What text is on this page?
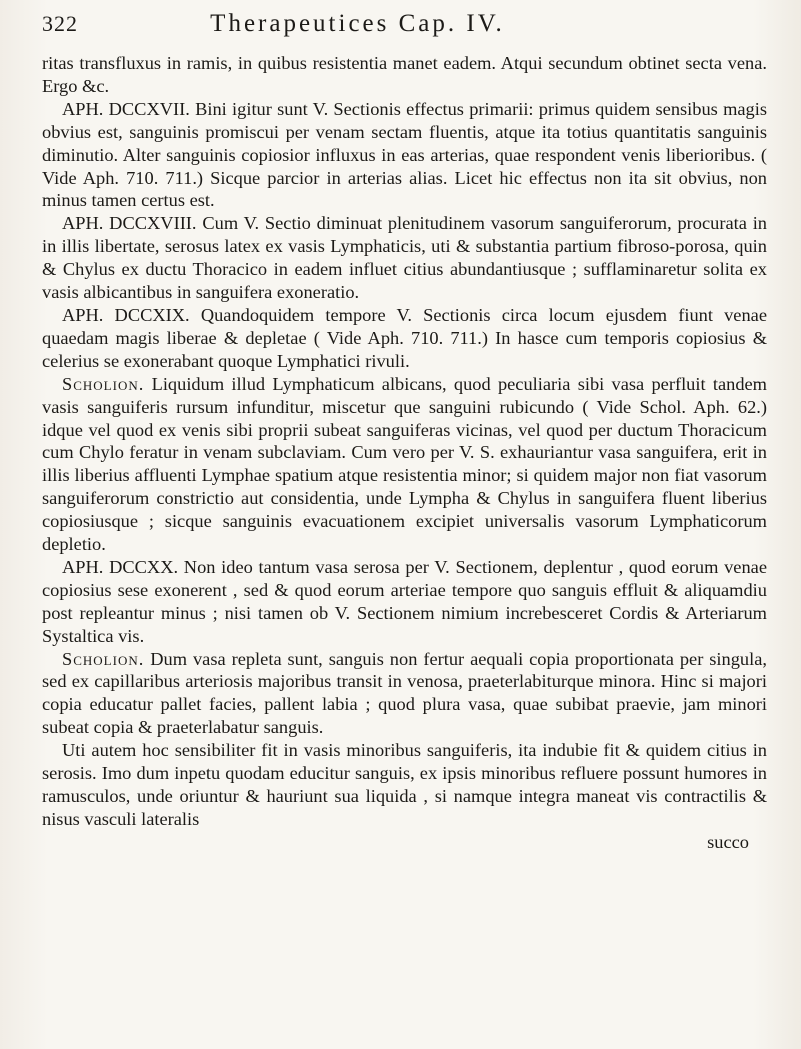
322	Therapeutices Cap. IV.

ritas transfluxus in ramis, in quibus resistentia manet eadem. Atqui secundum obtinet secta vena. Ergo &c.

APH. DCCXVII. Bini igitur sunt V. Sectionis effectus primarii: primus quidem sensibus magis obvius est, sanguinis promiscui per venam sectam fluentis, atque ita totius quantitatis sanguinis diminutio. Alter sanguinis copiosior influxus in eas arterias, quae respondent venis liberioribus. ( Vide Aph. 710. 711.) Sicque parcior in arterias alias. Licet hic effectus non ita sit obvius, non minus tamen certus est.

APH. DCCXVIII. Cum V. Sectio diminuat plenitudinem vasorum sanguiferorum, procurata in in illis libertate, serosus latex ex vasis Lymphaticis, uti & substantia partium fibroso-porosa, quin & Chylus ex ductu Thoracico in eadem influet citius abundantiusque ; sufflaminaretur solita ex vasis albicantibus in sanguifera exoneratio.

APH. DCCXIX. Quandoquidem tempore V. Sectionis circa locum ejusdem fiunt venae quaedam magis liberae & depletae ( Vide Aph. 710. 711.) In hasce cum temporis copiosius & celerius se exonerabant quoque Lymphatici rivuli.

Scholion. Liquidum illud Lymphaticum albicans, quod peculiaria sibi vasa perfluit tandem vasis sanguiferis rursum infunditur, miscetur que sanguini rubicundo ( Vide Schol. Aph. 62.) idque vel quod ex venis sibi proprii subeat sanguiferas vicinas, vel quod per ductum Thoracicum cum Chylo feratur in venam subclaviam. Cum vero per V. S. exhauriantur vasa sanguifera, erit in illis liberius affluenti Lymphae spatium atque resistentia minor; si quidem major non fiat vasorum sanguiferorum constrictio aut considentia, unde Lympha & Chylus in sanguifera fluent liberius copiosiusque ; sicque sanguinis evacuationem excipiet universalis vasorum Lymphaticorum depletio.

APH. DCCXX. Non ideo tantum vasa serosa per V. Sectionem, deplentur , quod eorum venae copiosius sese exonerent , sed & quod eorum arteriae tempore quo sanguis effluit & aliquamdiu post repleantur minus ; nisi tamen ob V. Sectionem nimium increbesceret Cordis & Arteriarum Systaltica vis.

Scholion. Dum vasa repleta sunt, sanguis non fertur aequali copia proportionata per singula, sed ex capillaribus arteriosis majoribus transit in venosa, praeterlabiturque minora. Hinc si majori copia educatur pallet facies, pallent labia ; quod plura vasa, quae subibat praevie, jam minori subeat copia & praeterlabatur sanguis.

Uti autem hoc sensibiliter fit in vasis minoribus sanguiferis, ita indubie fit & quidem citius in serosis. Imo dum inpetu quodam educitur sanguis, ex ipsis minoribus refluere possunt humores in ramusculos, unde oriuntur & hauriunt sua liquida , si namque integra maneat vis contractilis & nisus vasculi lateralis

succo
